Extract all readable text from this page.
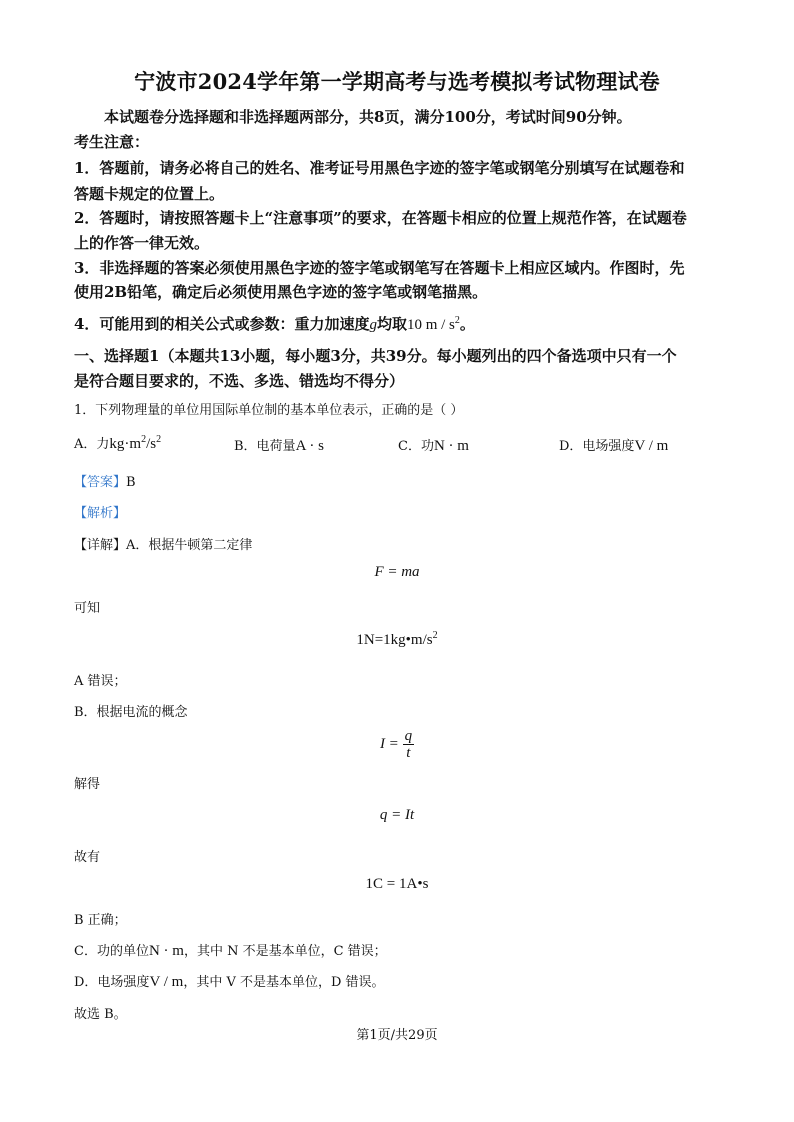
宁波市2024学年第一学期高考与选考模拟考试物理试卷
本试题卷分选择题和非选择题两部分，共8页，满分100分，考试时间90分钟。
考生注意：
1．答题前，请务必将自己的姓名、准考证号用黑色字迹的签字笔或钢笔分别填写在试题卷和
答题卡规定的位置上。
2．答题时，请按照答题卡上“注意事项”的要求，在答题卡相应的位置上规范作答，在试题卷
上的作答一律无效。
3．非选择题的答案必须使用黑色字迹的签字笔或钢笔写在答题卡上相应区域内。作图时，先
使用2B铅笔，确定后必须使用黑色字迹的签字笔或钢笔描黑。
4．可能用到的相关公式或参数：重力加速度g均取10 m / $s^2$。
一、选择题1（本题共13小题，每小题3分，共39分。每小题列出的四个备选项中只有一个
是符合题目要求的，不选、多选、错选均不得分）
1．下列物理量的单位用国际单位制的基本单位表示，正确的是（ ）
A．力$kg\cdot m^2/s^2$	B．电荷量A · s	C．功N · m	D．电场强度V / m
【答案】B
【解析】
【详解】A．根据牛顿第二定律
F = ma
可知
$1N=1kg•m/s^2$
A 错误；
B．根据电流的概念
$I = \frac{q}{t}$
解得
q = It
故有
1C = 1A•s
B 正确；
C．功的单位N · m，其中 N 不是基本单位，C 错误；
D．电场强度V / m，其中 V 不是基本单位，D 错误。
故选 B。
第1页/共29页
